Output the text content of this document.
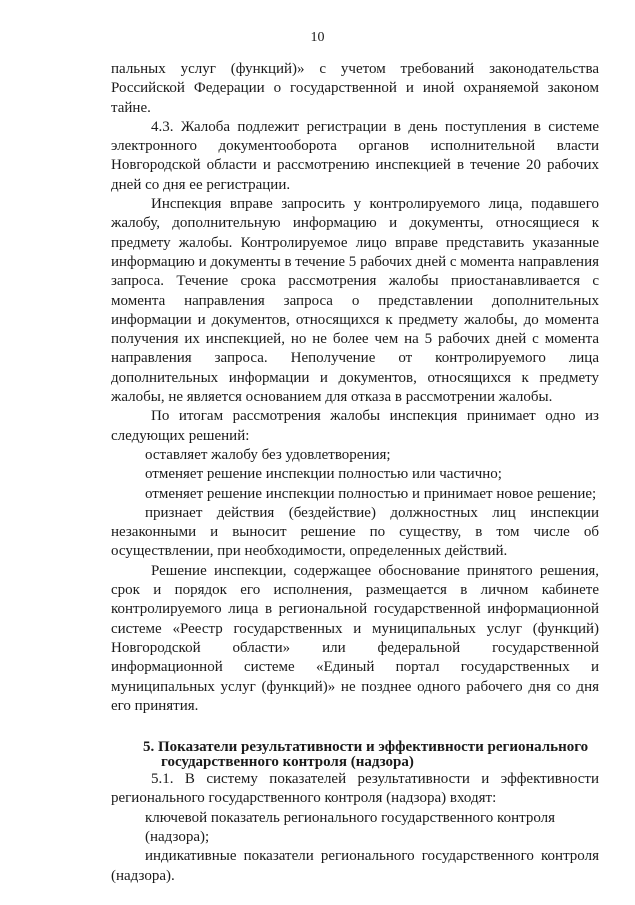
10

пальных услуг (функций)» с учетом требований законодательства Российской Федерации о государственной и иной охраняемой законом тайне.

4.3. Жалоба подлежит регистрации в день поступления в системе электронного документооборота органов исполнительной власти Новгородской области и рассмотрению инспекцией в течение 20 рабочих дней со дня ее регистрации.

Инспекция вправе запросить у контролируемого лица, подавшего жалобу, дополнительную информацию и документы, относящиеся к предмету жалобы. Контролируемое лицо вправе представить указанные информацию и документы в течение 5 рабочих дней с момента направления запроса. Течение срока рассмотрения жалобы приостанавливается с момента направления запроса о представлении дополнительных информации и документов, относящихся к предмету жалобы, до момента получения их инспекцией, но не более чем на 5 рабочих дней с момента направления запроса. Неполучение от контролируемого лица дополнительных информации и документов, относящихся к предмету жалобы, не является основанием для отказа в рассмотрении жалобы.

По итогам рассмотрения жалобы инспекция принимает одно из следующих решений:

оставляет жалобу без удовлетворения;

отменяет решение инспекции полностью или частично;

отменяет решение инспекции полностью и принимает новое решение;

признает действия (бездействие) должностных лиц инспекции незаконными и выносит решение по существу, в том числе об осуществлении, при необходимости, определенных действий.

Решение инспекции, содержащее обоснование принятого решения, срок и порядок его исполнения, размещается в личном кабинете контролируемого лица в региональной государственной информационной системе «Реестр государственных и муниципальных услуг (функций) Новгородской области» или федеральной государственной информационной системе «Единый портал государственных и муниципальных услуг (функций)» не позднее одного рабочего дня со дня его принятия.

5. Показатели результативности и эффективности регионального
государственного контроля (надзора)

5.1. В систему показателей результативности и эффективности регионального государственного контроля (надзора) входят:

ключевой показатель регионального государственного контроля (надзора);

индикативные показатели регионального государственного контроля (надзора).
